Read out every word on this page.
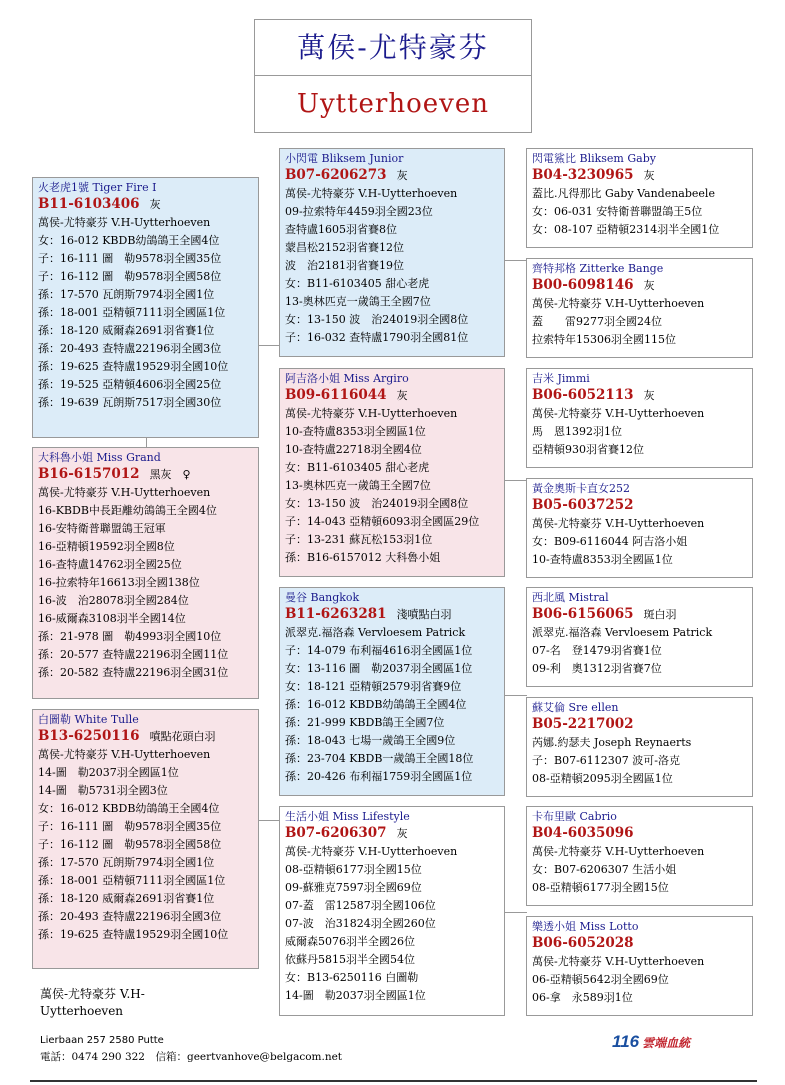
萬侯-尤特豪芬
Uytterhoeven
火老虎1號 Tiger Fire I
B11-6103406 灰
萬侯-尤特豪芬 V.H-Uytterhoeven
女：16-012 KBDB幼鴿鴿王全國4位
子：16-111 圖　勒9578羽全國35位
子：16-112 圖　勒9578羽全國58位
孫：17-570 瓦朗斯7974羽全國1位
孫：18-001 亞精頓7111羽全國區1位
孫：18-120 威爾森2691羽省賽1位
孫：20-493 查特盧22196羽全國3位
孫：19-625 查特盧19529羽全國10位
孫：19-525 亞精頓4606羽全國25位
孫：19-639 瓦朗斯7517羽全國30位
大科魯小姐 Miss Grand
B16-6157012 黑灰　♀
萬侯-尤特豪芬 V.H-Uytterhoeven
16-KBDB中長距離幼鴿鴿王全國4位
16-安特衛普聯盟鴿王冠軍
16-亞精頓19592羽全國8位
16-查特盧14762羽全國25位
16-拉索特年16613羽全國138位
16-波　治28078羽全國284位
16-威爾森3108羽半全國14位
孫：21-978 圖　勒4993羽全國10位
孫：20-577 查特盧22196羽全國11位
孫：20-582 查特盧22196羽全國31位
白圖勒 White Tulle
B13-6250116 噴點花頭白羽
萬侯-尤特豪芬 V.H-Uytterhoeven
14-圖　勒2037羽全國區1位
14-圖　勒5731羽全國3位
女：16-012 KBDB幼鴿鴿王全國4位
子：16-111 圖　勒9578羽全國35位
子：16-112 圖　勒9578羽全國58位
孫：17-570 瓦朗斯7974羽全國1位
孫：18-001 亞精頓7111羽全國區1位
孫：18-120 威爾森2691羽省賽1位
孫：20-493 查特盧22196羽全國3位
孫：19-625 查特盧19529羽全國10位
小閃電 Bliksem Junior
B07-6206273 灰
萬侯-尤特豪芬 V.H-Uytterhoeven
09-拉索特年4459羽全國23位
查特盧1605羽省賽8位
蒙昌松2152羽省賽12位
波　治2181羽省賽19位
女：B11-6103405 甜心老虎
13-奧林匹克一歲鴿王全國7位
女：13-150 波　治24019羽全國8位
子：16-032 查特盧1790羽全國81位
阿吉洛小姐 Miss Argiro
B09-6116044 灰
萬侯-尤特豪芬 V.H-Uytterhoeven
10-查特盧8353羽全國區1位
10-查特盧22718羽全國4位
女：B11-6103405 甜心老虎
13-奧林匹克一歲鴿王全國7位
女：13-150 波　治24019羽全國8位
子：14-043 亞精頓6093羽全國區29位
子：13-231 蘇瓦松153羽1位
孫：B16-6157012 大科魯小姐
曼谷 Bangkok
B11-6263281 淺噴點白羽
派翠克.福洛森 Vervloesem Patrick
子：14-079 布利福4616羽全國區1位
女：13-116 圖　勒2037羽全國區1位
女：18-121 亞精頓2579羽省賽9位
孫：16-012 KBDB幼鴿鴿王全國4位
孫：21-999 KBDB鴿王全國7位
孫：18-043 七場一歲鴿王全國9位
孫：23-704 KBDB一歲鴿王全國18位
孫：20-426 布利福1759羽全國區1位
生活小姐 Miss Lifestyle
B07-6206307 灰
萬侯-尤特豪芬 V.H-Uytterhoeven
08-亞精頓6177羽全國15位
09-蘇雅克7597羽全國69位
07-蓋　雷12587羽全國106位
07-波　治31824羽全國260位
威爾森5076羽半全國26位
依蘇丹5815羽半全國54位
女：B13-6250116 白圖勒
14-圖　勒2037羽全國區1位
閃電鯊比 Bliksem Gaby
B04-3230965 灰
蓋比.凡得那比 Gaby Vandenabeele
女：06-031 安特衛普聯盟鴿王5位
女：08-107 亞精頓2314羽半全國1位
齊特邦格 Zitterke Bange
B00-6098146 灰
萬侯-尤特豪芬 V.H-Uytterhoeven
蓋　　雷9277羽全國24位
拉索特年15306羽全國115位
吉米 Jimmi
B06-6052113 灰
萬侯-尤特豪芬 V.H-Uytterhoeven
馬　恩1392羽1位
亞精頓930羽省賽12位
黃金奧斯卡直女252
B05-6037252
萬侯-尤特豪芬 V.H-Uytterhoeven
女：B09-6116044 阿吉洛小姐
10-查特盧8353羽全國區1位
西北風 Mistral
B06-6156065 斑白羽
派翠克.福洛森 Vervloesem Patrick
07-名　登1479羽省賽1位
09-利　奧1312羽省賽7位
蘇艾倫 Sre ellen
B05-2217002
芮娜.約瑟夫 Joseph Reynaerts
子：B07-6112307 波可-洛克
08-亞精頓2095羽全國區1位
卡布里歐 Cabrio
B04-6035096
萬侯-尤特豪芬 V.H-Uytterhoeven
女：B07-6206307 生活小姐
08-亞精頓6177羽全國15位
樂透小姐 Miss Lotto
B06-6052028
萬侯-尤特豪芬 V.H-Uytterhoeven
06-亞精頓5642羽全國69位
06-拿　永589羽1位
萬侯-尤特豪芬 V.H-Uytterhoeven
Lierbaan 257 2580 Putte
電話：0474 290 322　信箱：geertvanhove@belgacom.net
116 雲端血統
